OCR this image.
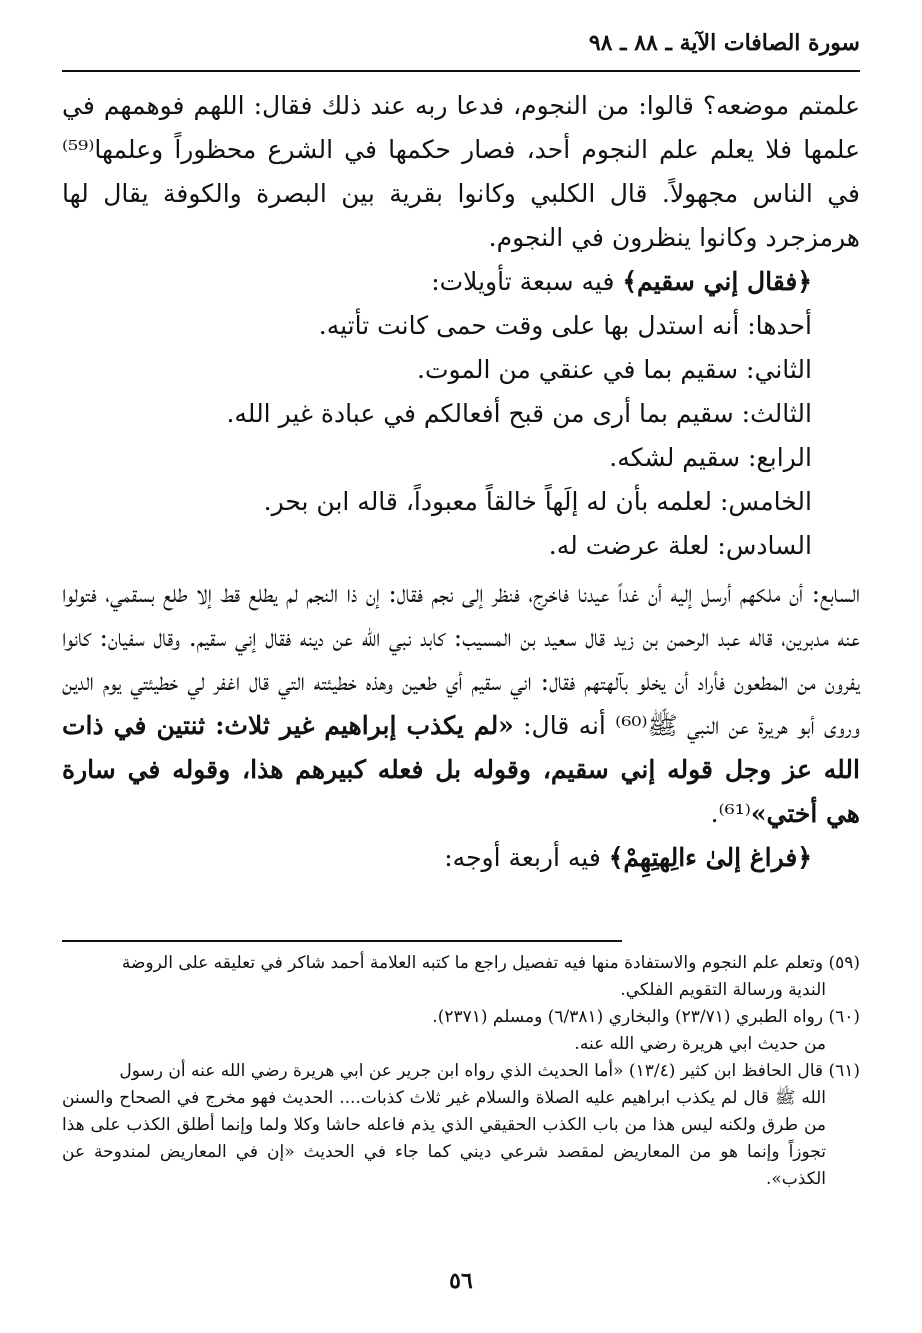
سورة الصافات الآية ـ ٨٨ ـ ٩٨

علمتم موضعه؟ قالوا: من النجوم، فدعا ربه عند ذلك فقال: اللهم فوهمهم في علمها فلا يعلم علم النجوم أحد، فصار حكمها في الشرع محظوراً وعلمها⁽⁵⁹⁾ في الناس مجهولاً. قال الكلبي وكانوا بقرية بين البصرة والكوفة يقال لها هرمزجرد وكانوا ينظرون في النجوم.

﴿فقال إني سقيم﴾ فيه سبعة تأويلات:

أحدها: أنه استدل بها على وقت حمى كانت تأتيه.

الثاني: سقيم بما في عنقي من الموت.

الثالث: سقيم بما أرى من قبح أفعالكم في عبادة غير الله.

الرابع: سقيم لشكه.

الخامس: لعلمه بأن له إلَهاً خالقاً معبوداً، قاله ابن بحر.

السادس: لعلة عرضت له.

السابع: أن ملكهم أرسل إليه أن غداً عيدنا فاخرج، فنظر إلى نجم فقال: إن ذا النجم لم يطلع قط إلا طلع بسقمي، فتولوا عنه مدبرين، قاله عبد الرحمن بن زيد قال سعيد بن المسيب: كابد نبي الله عن دينه فقال إني سقيم. وقال سفيان: كانوا يفرون من المطعون فأراد أن يخلو بآلهتهم فقال: اني سقيم أي طعين وهذه خطيئته التي قال اغفر لي خطيئتي يوم الدين وروى أبو هريرة عن النبي ﷺ⁽⁶⁰⁾ أنه قال: «لم يكذب إبراهيم غير ثلاث: ثنتين في ذات الله عز وجل قوله إني سقيم، وقوله بل فعله كبيرهم هذا، وقوله في سارة هي أختي»⁽⁶¹⁾.

﴿فراغ إلىٰ ءالِهتِهِمْ﴾ فيه أربعة أوجه:

(٥٩) وتعلم علم النجوم والاستفادة منها فيه تفصيل راجع ما كتبه العلامة أحمد شاكر في تعليقه على الروضة

الندية ورسالة التقويم الفلكي.

(٦٠) رواه الطبري (٢٣/٧١) والبخاري (٦/٣٨١) ومسلم (٢٣٧١).

من حديث ابي هريرة رضي الله عنه.

(٦١) قال الحافظ ابن كثير (١٣/٤) «أما الحديث الذي رواه ابن جرير عن ابي هريرة رضي الله عنه أن رسول

الله ﷺ قال لم يكذب ابراهيم عليه الصلاة والسلام غير ثلاث كذبات.... الحديث فهو مخرج في الصحاح والسنن من طرق ولكنه ليس هذا من باب الكذب الحقيقي الذي يذم فاعله حاشا وكلا ولما وإنما أطلق الكذب على هذا تجوزاً وإنما هو من المعاريض لمقصد شرعي ديني كما جاء في الحديث «إن في المعاريض لمندوحة عن الكذب».

٥٦
